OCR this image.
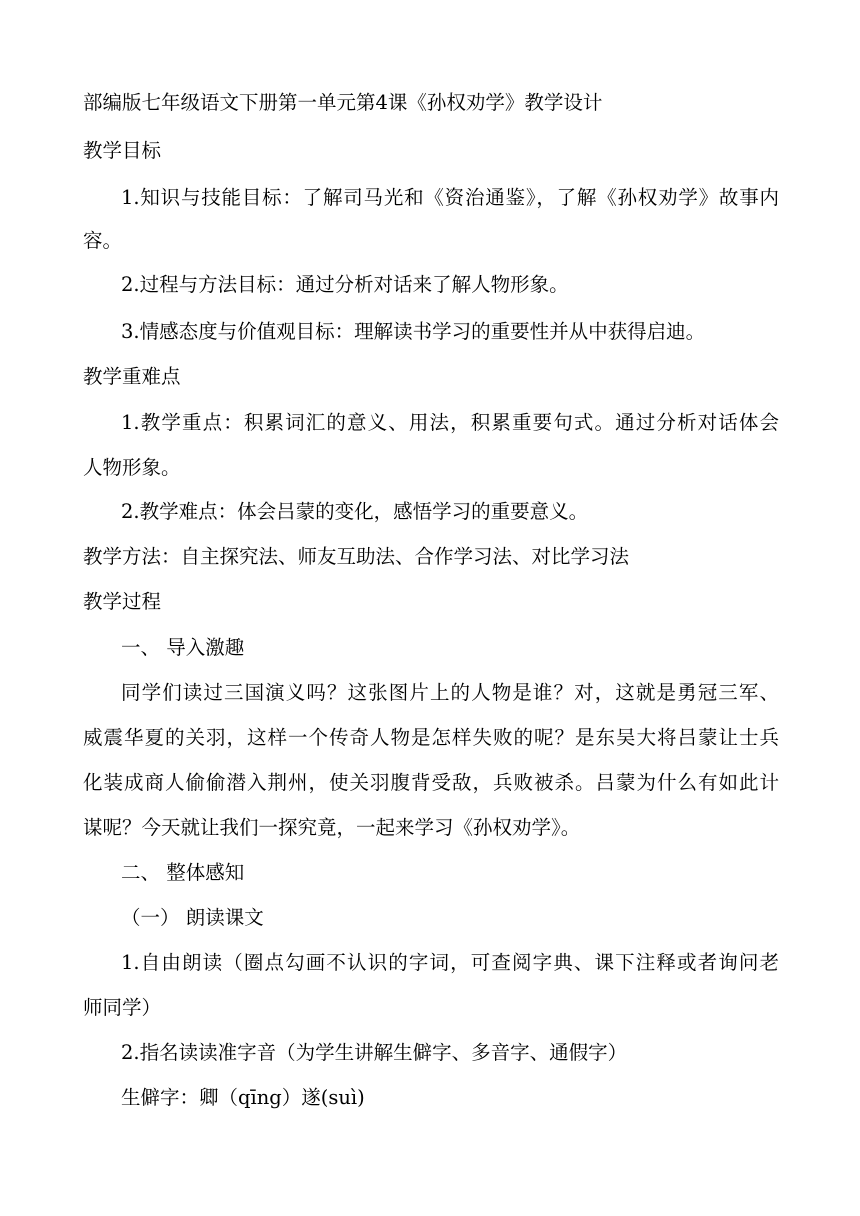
部编版七年级语文下册第一单元第4课《孙权劝学》教学设计

教学目标

1.知识与技能目标：了解司马光和《资治通鉴》，了解《孙权劝学》故事内

容。

2.过程与方法目标：通过分析对话来了解人物形象。

3.情感态度与价值观目标：理解读书学习的重要性并从中获得启迪。

教学重难点

1.教学重点：积累词汇的意义、用法，积累重要句式。通过分析对话体会

人物形象。

2.教学难点：体会吕蒙的变化，感悟学习的重要意义。

教学方法：自主探究法、师友互助法、合作学习法、对比学习法

教学过程

一、 导入激趣

同学们读过三国演义吗？这张图片上的人物是谁？对，这就是勇冠三军、

威震华夏的关羽，这样一个传奇人物是怎样失败的呢？是东吴大将吕蒙让士兵

化装成商人偷偷潜入荆州，使关羽腹背受敌，兵败被杀。吕蒙为什么有如此计

谋呢？今天就让我们一探究竟，一起来学习《孙权劝学》。

二、 整体感知

（一） 朗读课文

1.自由朗读（圈点勾画不认识的字词，可查阅字典、课下注释或者询问老

师同学）

2.指名读读准字音（为学生讲解生僻字、多音字、通假字）

生僻字：卿（qīng）遂(suì)
